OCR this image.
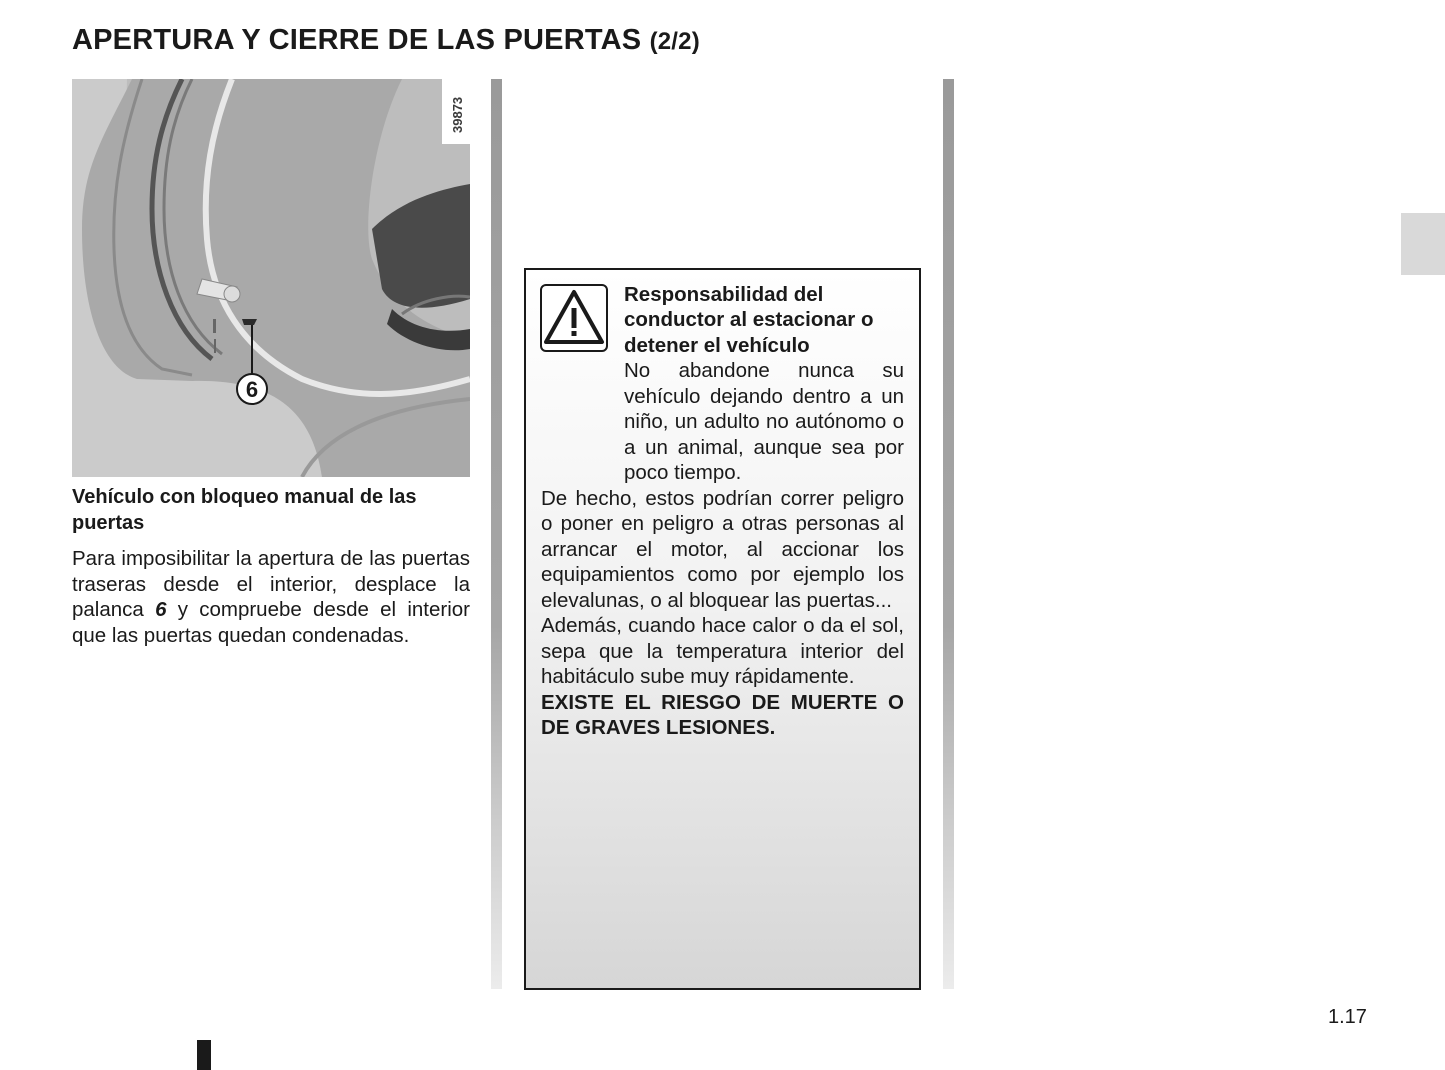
APERTURA Y CIERRE DE LAS PUERTAS (2/2)
6
39873
Vehículo con bloqueo manual de las puertas

Para imposibilitar la apertura de las puertas traseras desde el interior, desplace la palanca 6 y compruebe desde el interior que las puertas quedan condenadas.

Responsabilidad del conductor al estacionar o detener el vehículo

No abandone nunca su vehículo dejando dentro a un niño, un adulto no autónomo o a un animal, aunque sea por poco tiempo.
De hecho, estos podrían correr peligro o poner en peligro a otras personas al arrancar el motor, al accionar los equipamientos como por ejemplo los elevalunas, o al bloquear las puertas...
Además, cuando hace calor o da el sol, sepa que la temperatura interior del habitáculo sube muy rápidamente.
EXISTE EL RIESGO DE MUERTE O DE GRAVES LESIONES.

1.17
